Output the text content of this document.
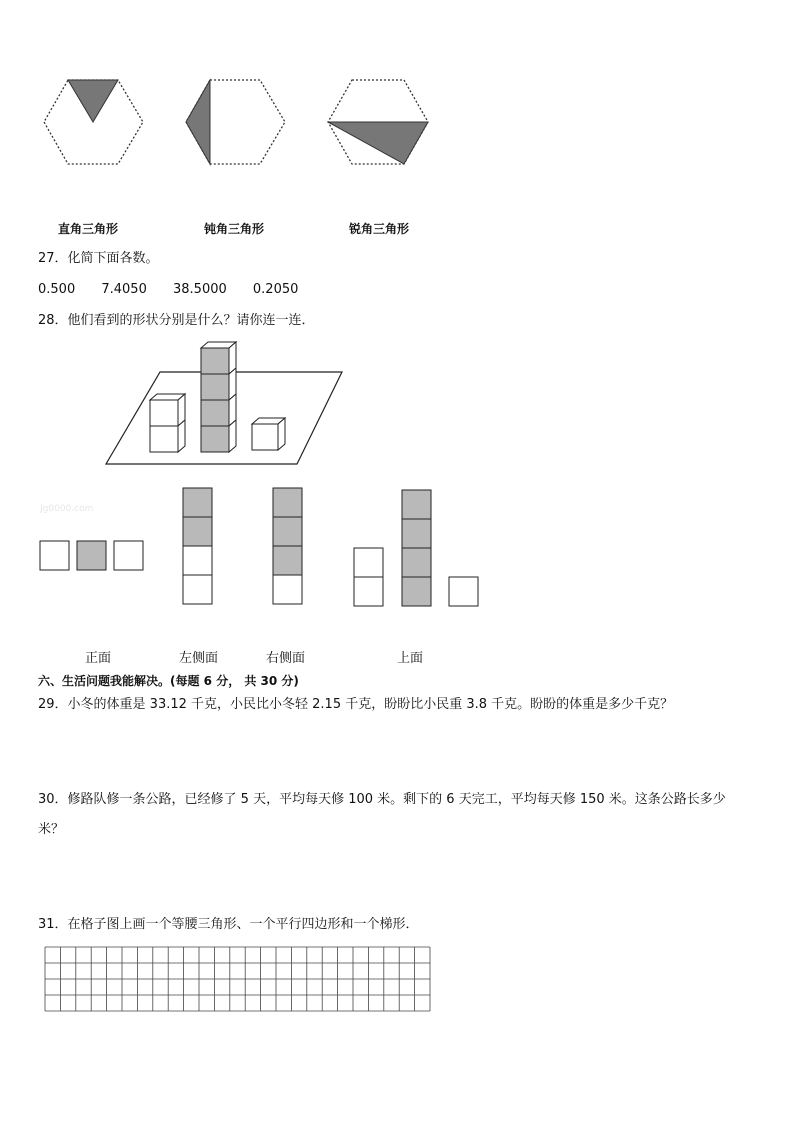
直角三角形	钝角三角形	锐角三角形
27．化简下面各数。
0.500 7.4050 38.5000 0.2050
28．他们看到的形状分别是什么？请你连一连．
Jg0000.com
正面	左侧面	右侧面	上面
六、生活问题我能解决。(每题 6 分， 共 30 分)
29．小冬的体重是 33.12 千克，小民比小冬轻 2.15 千克，盼盼比小民重 3.8 千克。盼盼的体重是多少千克？
30．修路队修一条公路，已经修了 5 天，平均每天修 100 米。剩下的 6 天完工，平均每天修 150 米。这条公路长多少
米？
31．在格子图上画一个等腰三角形、一个平行四边形和一个梯形．
